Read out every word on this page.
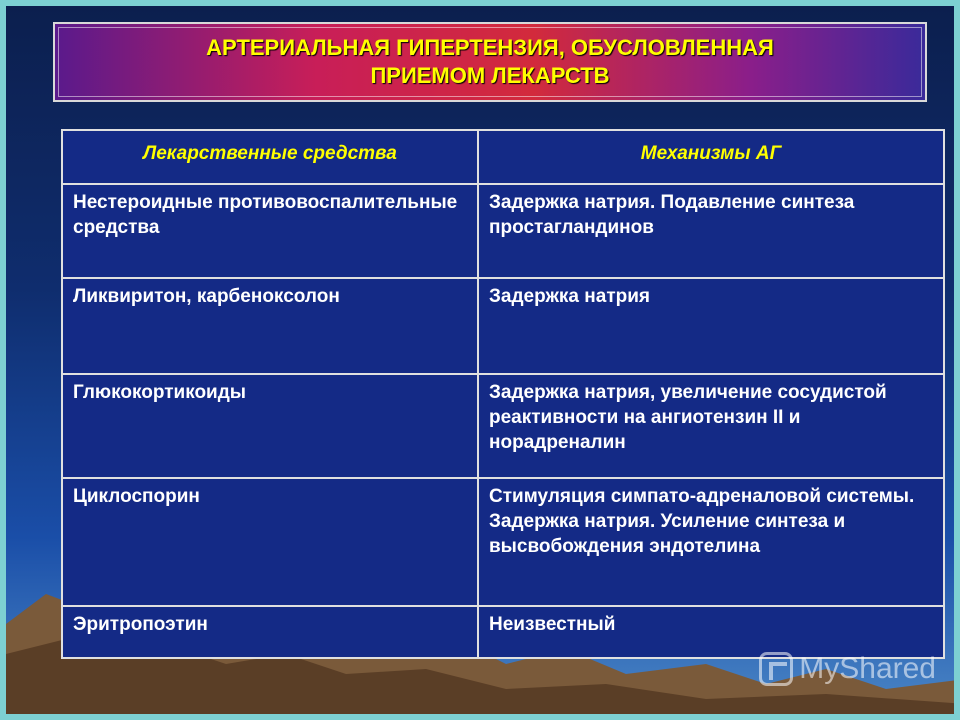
АРТЕРИАЛЬНАЯ ГИПЕРТЕНЗИЯ, ОБУСЛОВЛЕННАЯ
ПРИЕМОМ ЛЕКАРСТВ
Лекарственные средства	Механизмы АГ
Нестероидные противовоспалительные средства	Задержка натрия. Подавление синтеза простагландинов
Ликвиритон, карбеноксолон	Задержка натрия
Глюкокортикоиды	Задержка натрия, увеличение сосудистой реактивности на ангиотензин II и норадреналин
Циклоспорин	Стимуляция симпато-адреналовой системы. Задержка натрия. Усиление синтеза и высвобождения эндотелина
Эритропоэтин	Неизвестный
MyShared
